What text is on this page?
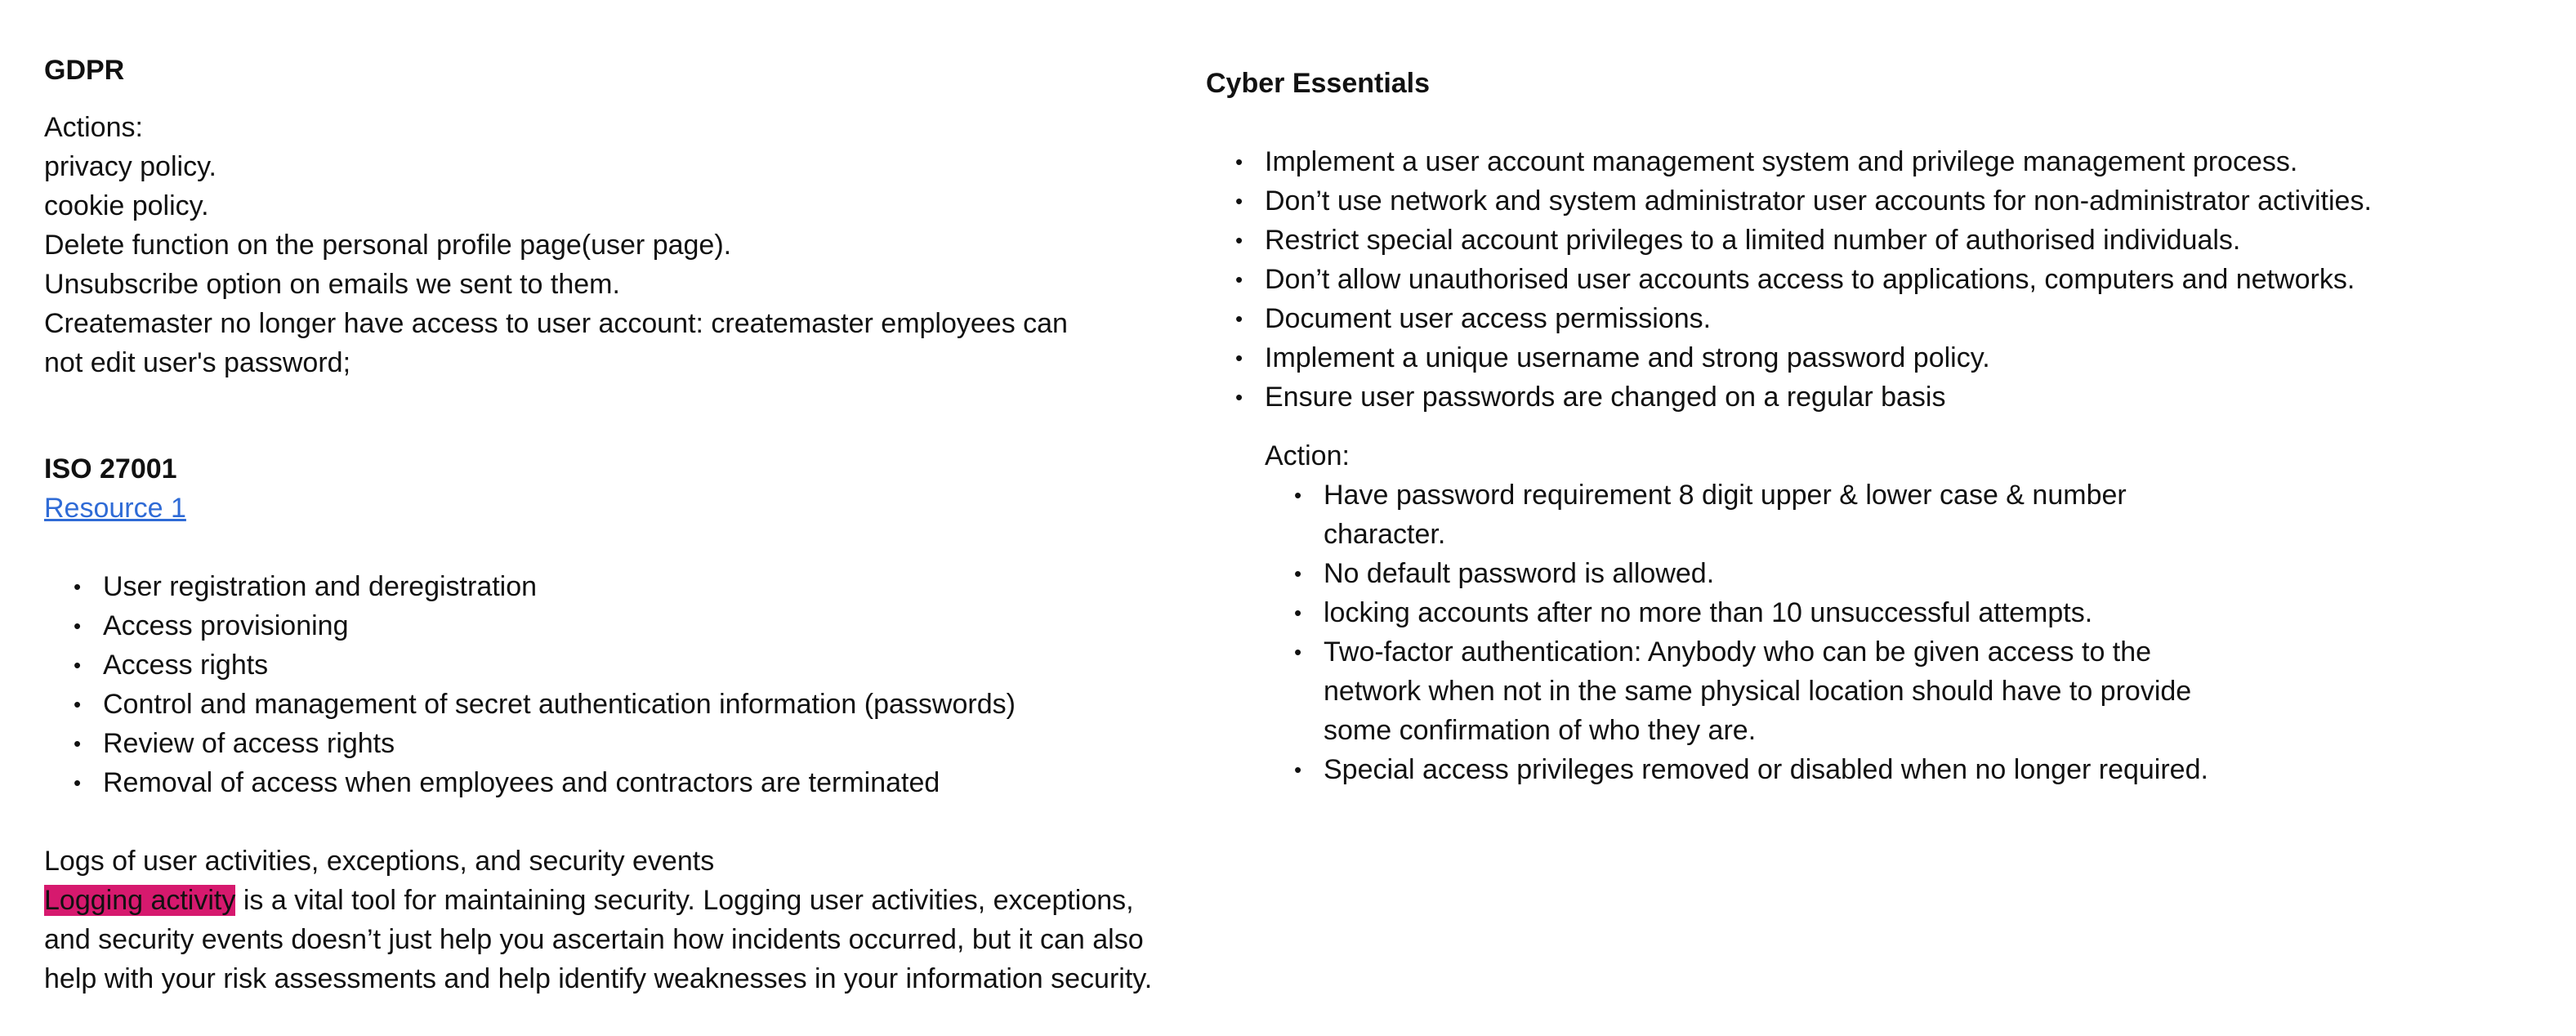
GDPR
Actions:
privacy policy.
cookie policy.
Delete function on the personal profile page(user page).
Unsubscribe option on emails we sent to them.
Createmaster no longer have access to user account: createmaster employees can
not edit user's password;
ISO 27001
Resource 1
• User registration and deregistration
• Access provisioning
• Access rights
• Control and management of secret authentication information (passwords)
• Review of access rights
• Removal of access when employees and contractors are terminated
Logs of user activities, exceptions, and security events
Logging activity is a vital tool for maintaining security. Logging user activities, exceptions,
and security events doesn’t just help you ascertain how incidents occurred, but it can also
help with your risk assessments and help identify weaknesses in your information security.
Cyber Essentials
• Implement a user account management system and privilege management process.
• Don’t use network and system administrator user accounts for non-administrator activities.
• Restrict special account privileges to a limited number of authorised individuals.
• Don’t allow unauthorised user accounts access to applications, computers and networks.
• Document user access permissions.
• Implement a unique username and strong password policy.
• Ensure user passwords are changed on a regular basis
Action:
• Have password requirement 8 digit upper & lower case & number character.
• No default password is allowed.
• locking accounts after no more than 10 unsuccessful attempts.
• Two-factor authentication: Anybody who can be given access to the network when not in the same physical location should have to provide some confirmation of who they are.
• Special access privileges removed or disabled when no longer required.
